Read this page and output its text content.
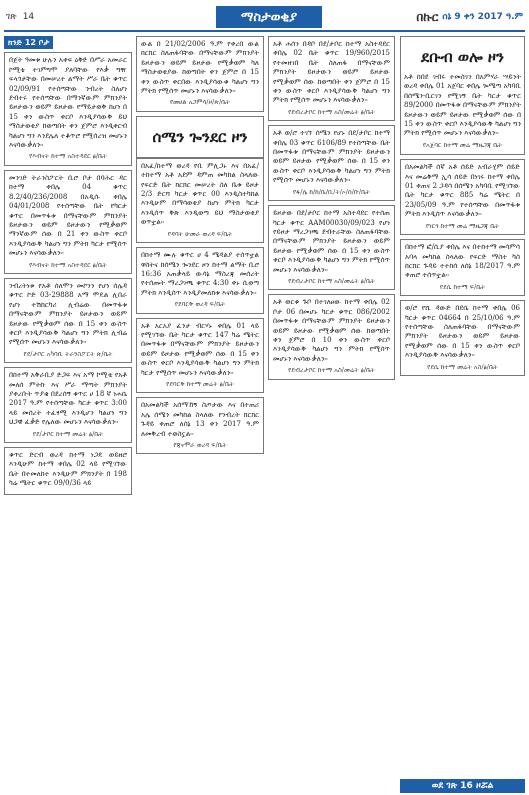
ገጽ 14	ማስታወቂያ	በኩር ሰኔ 9 ቀን 2017 ዓ.ም
ክንድ 12 ቦታ

በጀት ዓመቱ ሁሉን አቀፍ ዕቅድ በሥራ አመራር ኮሚቴ ተገምግሞ ያለባቸው የእቃ ግዥ ፍላጎታቸው በመሠረተ ልማት ሥራ ቤት ቁጥር 02/09/91 የተሰጣቸው ንብረት ስለሆነ ደብተሩ የተሰጣቸው በማንኛውም ምክንያት ይዞታውን ወይም ይዞታው የማይታወቅ ከሆነ በ 15 ቀን ውስጥ ቀርቦ እንዲያሳውቅ ይህ ማስታወቂያ ከወጣበት ቀን ጀምሮ እንዲቀርብ ካልሆነ ግን እንደሌለ ተቆጥሮ የሚሰረዝ መሆኑን እናሳውቃለን፡፡

የእብናት ከተማ አስተዳደር ፅ/ቤት

መንገድ ትራንስፖርት ቢሮ ቦታ በባሕር ዳር ከተማ ቀበሌ 04 ቁጥር 8.2/40/236/2008 በአዲሱ ቀበሌ 04/01/2008 የተሰጣቸው ቤት የካርታ ቁጥር በመጥፋቱ በማናቸውም ምክንያት ይዞታውን ወይም ይዞታውን የሚቃወም ማንኛውም ሰው በ 21 ቀን ውስጥ ቀርቦ እንዲያሳውቅ ካልሆነ ግን ምትክ ካርታ የሚሰጥ መሆኑን እናሳውቃለን፡፡

የእብናት ከተማ አስተዳደር ፅ/ቤት

ንብረትነቱ የአቶ ሰለሞን መኮንን የሆነ ሰሌዳ ቁጥር ኮድ 03-29888 አማ ሞዴል ሊበራ የሆነ ተሽከርካሪ ሊብሬው በመጥፋቱ በማናቸውም ምክንያት ይዞታውን ወይም ይዞታው የሚቃወም ሰው በ 15 ቀን ውስጥ ቀርቦ እንዲያሳውቅ ካልሆነ ግን ምትክ ሊብሬ የሚሰጥ መሆኑን እናሳውቃለን፡፡

የደ/ታቦር አካባቢ ትራንስፖርት ጽ/ቤት

በከተማ አቅራቢያ ድጋፍ እና አማ ኮሚቴ የአቶ መለሰ ምትኩ እና ሥራ ማጣት ምክንያት ያቀረቡት ጥያቄ በደረሰኝ ቁጥር ሀ 18 ኛ ነሐሴ 2017 ዓ.ም የተሰጣቸው ካርታ ቁጥር 3:00 ላይ መሰረት ተፈፃሚ እንዲሆን ካልሆነ ግን ህጋዊ ፈቃድ የሌለው መሆኑን እናሳውቃለን፡፡

የደ/ታቦር ከተማ መሬት ፅ/ቤት

ቁጥር ድርብ ወረዳ ከተማ ነጋዴ ወይዘሮ እንዲሁም ከተማ ቀበሌ 02 ላይ የሚገኘው ቤት በተመለከተ እንዲሁም ምክንያት በ 198 ካሬ ሜትር ቁጥር 09/0/36 ላይ

ውል በ 21/02/2006 ዓ.ም የቀረበ ውል ከርክር ስለጠፋባቸው በማናቸውም ምክንያት ይዞታውን ወይም ይዞታው የሚቃወም ካለ ማስታወቂያው ከወጣበት ቀን ጀምሮ በ 15 ቀን ውስጥ ቀርበው እንዲያሳውቁ ካልሆነ ግን ምትክ የሚሰጥ መሆኑን እናሳውቃለን፡፡

የመሀል አጋምሳ/ዞ/ጽ/ቤት
ሰሜን ጐንደር ዞን

በአፈ/ከተማ ወረዳ የቢ ምሊጋኑ እና በአፈ/ተከተማ አቶ አደም ዳምጠ መካከል ስላለው የፍርድ ቤት ክርክር መሠረት ስለ ቤቱ ይዞታ 2/3 ድርሻ ካርታ ቁጥር 00 እንዲስተካከል እንዲሁም በማሳወቂያ ከሆነ ምትክ ካርታ እንዲሰጥ ቅጽ እንዲወጣ ይህ ማስታወቂያ ወጥቷል፡፡

የዳባት ሁመራ ወረዳ ፍ/ቤት

በከተማ ሙሉ ቁጥር ሀ 4 ሜዳልያ ተሰጥቷል ዋስትና ከሰሜን ጐንደር ዞን ከተማ ልማት ቢሮ 16:36 አጠቃላይ ውሳኔ ማስረጃ መሰረት የተሰጡት ማረጋገጫ ቁጥር 4:30 ቀኑ ሲወጣ ምትክ እንዲሰጥ እንዲያመለክቱ እናሳውቃለን፡፡

የደባርቅ ወረዳ ፍ/ቤት

አቶ አርአያ ፈንታ ብርሃኑ ቀበሌ 01 ላይ የሚገኘው ቤት ካርታ ቁጥር 147 ካሬ ሜትር በመጥፋቱ በማናቸውም ምክንያት ይዞታውን ወይም ይዞታው የሚቃወም ሰው በ 15 ቀን ውስጥ ቀርቦ እንዲያሳውቅ ካልሆነ ግን ምትክ ካርታ የሚሰጥ መሆኑን እናሳውቃለን፡፡

የደባርቅ ከተማ መሬት ፅ/ቤት

በአመልካች አሰማኸኝ ስጦታው እና በተጠሪ አሌ ሰሜን መካከል ስላለው የንብረት ክርክር ጉዳይ ቀጠሮ ለሰኔ 13 ቀን 2017 ዓ.ም ለመቅረብ ተወስኗል፡፡

የጃናሞራ ወረዳ ፍ/ቤት

አቶ ሐሰን በዳቦ በደ/ታቦር ከተማ አስተዳደር ቀበሌ 02 ቤት ቁጥር 19/960/2015 የተመዘገበ ቤት ስለጠፋ በማናቸውም ምክንያት ይዞታውን ወይም ይዞታው የሚቃወም ሰው ከወጣበት ቀን ጀምሮ በ 15 ቀን ውስጥ ቀርቦ እንዲያሳውቅ ካልሆነ ግን ምትክ የሚሰጥ መሆኑን እናሳውቃለን፡፡

የደብረታቦር ከተማ አስ/መሬት ፅ/ቤት

አቶ ወ/ሮ ተገኘ ሰሜን የሆኑ በደ/ታቦር ከተማ ቀበሌ 03 ቁጥር 6106/89 የተሰጣቸው ቤት በመጥፋቱ በማናቸውም ምክንያት ይዞታውን ወይም ይዞታው የሚቃወም ሰው በ 15 ቀን ውስጥ ቀርቦ እንዲያሳውቅ ካልሆነ ግን ምትክ የሚሰጥ መሆኑን እናሳውቃለን፡፡

የፋ/ሌ ከ/ከ/ቤ/ቢ/ት/ኦ/ሰ/ቡ/ቤት

ይዞታው በደ/ታቦር ከተማ አስተዳደር የተሰጠ ካርታ ቁጥር AAM00030/09/023 የሆነ የይዞታ ማረጋገጫ ደብተራቸው ስለጠፋባቸው በማናቸውም ምክንያት ይዞታውን ወይም ይዞታው የሚቃወም ሰው በ 15 ቀን ውስጥ ቀርቦ እንዲያሳውቅ ካልሆነ ግን ምትክ የሚሰጥ መሆኑን እናሳውቃለን፡፡

የደብረታቦር ከተማ አስ/መሬት ፅ/ቤት

አቶ ወርቁ ጉቦ በተገለፀው ከተማ ቀበሌ 02 ቦታ 06 በመሆኑ ካርታ ቁጥር 086/2002 በመጥፋቱ በማናቸውም ምክንያት ይዞታውን ወይም ይዞታው የሚቃወም ሰው ከወጣበት ቀን ጀምሮ በ 10 ቀን ውስጥ ቀርቦ እንዲያሳውቅ ካልሆነ ግን ምትክ የሚሰጥ መሆኑን እናሳውቃለን፡፡

የደብረታቦር ከተማ አስ/መሬት ፅ/ቤት
ደቡብ ወሎ ዞን

አቶ ከበደ ገብሩ ተመስገን በአምሃራ ሣይንት ወረዳ ቀበሌ 01 አጀባር ቀበሌ ጐሜጣ አካባቢ በሰሜን-ቢርገን የሚገኝ ቤት ካርታ ቁጥር 89/2000 በመጥፋቱ በማናቸውም ምክንያት ይዞታውን ወይም ይዞታው የሚቃወም ሰው በ 15 ቀን ውስጥ ቀርቦ እንዲያሳውቅ ካልሆነ ግን ምትክ የሚሰጥ መሆኑን እናሳውቃለን፡፡

የአጀባር ከተማ መሬ ማዜጋጃ ቤት

በአመልካች ሰኛ አቶ ሰይድ አብራሂም ሰይድ እና መሬቅማ ኢሳ ሰይድ በነገሩ ከተማ ቀበሌ 01 ቀጠና 2 ጋዳሳ በሰሜን አካባቢ የሚገኘው ቤት ካርታ ቁጥር 885 ካሬ ሜትር በ 23/05/09 ዓ.ም የተሰጣቸው በመጥፋቱ ምትክ እንዲሰጥ እናሳውቃለን፡፡

የነርጎ ከተማ መሬ ማዜጋጃ ቤት

በከተማ ፎ/ሲያ ቀበሌ እና በተከተማ መሳምሳ አባላ መካከል ስላለው የፍርድ ማስተ ካስ ከርክር ጉዳይ ተተከሰ ለሰኔ 18/2017 ዓ.ም ቀጠሮ ተሰጥቷል፡፡

የደሴ ከተማ ፍ/ቤት

ወ/ሮ የሺ ዳውድ በደሴ ከተማ ቀበሌ 06 ካርታ ቁጥር 04664 በ 25/10/06 ዓ.ም የተሰጣቸው ስለጠፋባቸው በማናቸውም ምክንያት ይዞታውን ወይም ይዞታው የሚቃወም ሰው በ 15 ቀን ውስጥ ቀርቦ እንዲያሳውቅ እናሳውቃለን፡፡

የደሴ ከተማ መሬት አስ/ፅ/ቤት
ወደ ገጽ 16 ዞሯል
